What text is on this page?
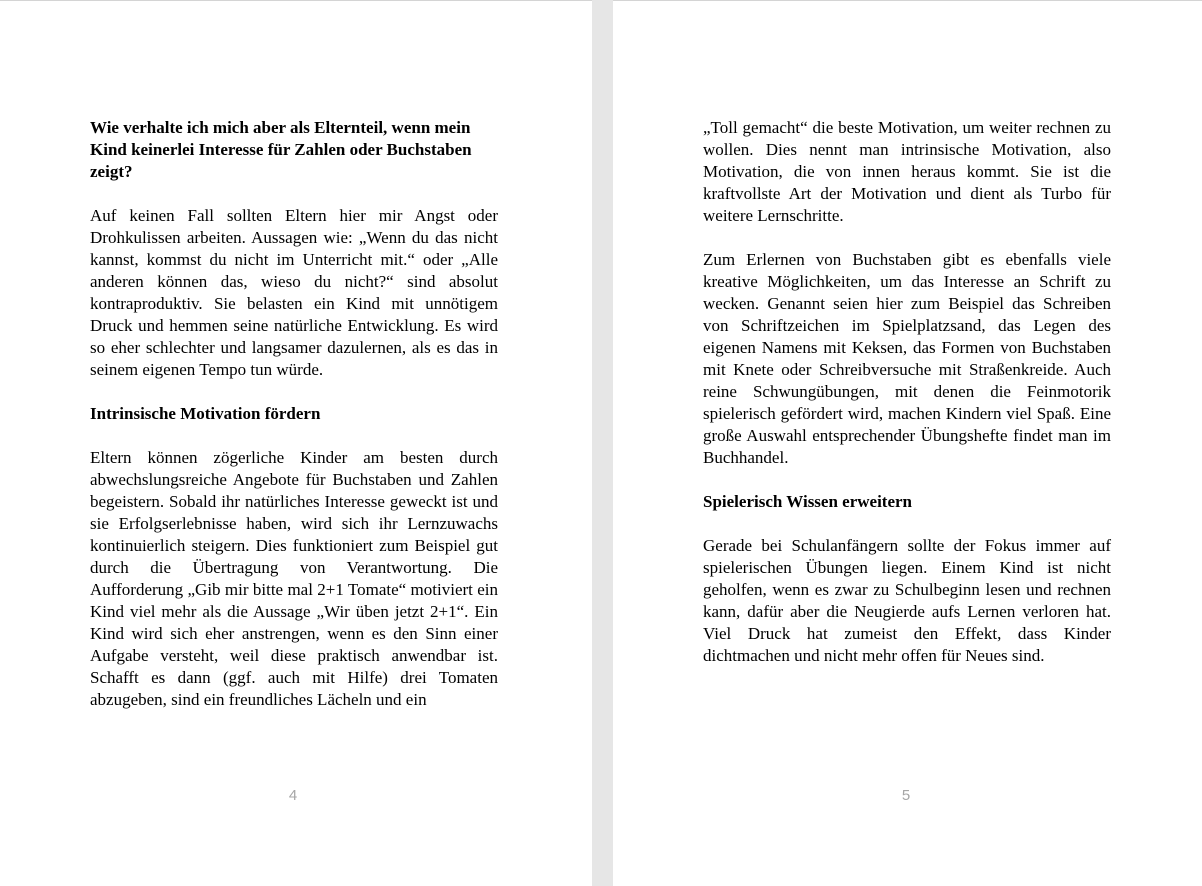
Wie verhalte ich mich aber als Elternteil, wenn mein Kind keinerlei Interesse für Zahlen oder Buchstaben zeigt?

Auf keinen Fall sollten Eltern hier mir Angst oder Drohkulissen arbeiten. Aussagen wie: „Wenn du das nicht kannst, kommst du nicht im Unterricht mit.“ oder „Alle anderen können das, wieso du nicht?“ sind absolut kontraproduktiv. Sie belasten ein Kind mit unnötigem Druck und hemmen seine natürliche Entwicklung. Es wird so eher schlechter und langsamer dazulernen, als es das in seinem eigenen Tempo tun würde.

Intrinsische Motivation fördern

Eltern können zögerliche Kinder am besten durch abwechslungsreiche Angebote für Buchstaben und Zahlen begeistern. Sobald ihr natürliches Interesse geweckt ist und sie Erfolgserlebnisse haben, wird sich ihr Lernzuwachs kontinuierlich steigern. Dies funktioniert zum Beispiel gut durch die Übertragung von Verantwortung. Die Aufforderung „Gib mir bitte mal 2+1 Tomate“ motiviert ein Kind viel mehr als die Aussage „Wir üben jetzt 2+1“. Ein Kind wird sich eher anstrengen, wenn es den Sinn einer Aufgabe versteht, weil diese praktisch anwendbar ist. Schafft es dann (ggf. auch mit Hilfe) drei Tomaten abzugeben, sind ein freundliches Lächeln und ein

4

„Toll gemacht“ die beste Motivation, um weiter rechnen zu wollen. Dies nennt man intrinsische Motivation, also Motivation, die von innen heraus kommt. Sie ist die kraftvollste Art der Motivation und dient als Turbo für weitere Lernschritte.

Zum Erlernen von Buchstaben gibt es ebenfalls viele kreative Möglichkeiten, um das Interesse an Schrift zu wecken. Genannt seien hier zum Beispiel das Schreiben von Schriftzeichen im Spielplatzsand, das Legen des eigenen Namens mit Keksen, das Formen von Buchstaben mit Knete oder Schreibversuche mit Straßenkreide. Auch reine Schwungübungen, mit denen die Feinmotorik spielerisch gefördert wird, machen Kindern viel Spaß. Eine große Auswahl entsprechender Übungshefte findet man im Buchhandel.

Spielerisch Wissen erweitern

Gerade bei Schulanfängern sollte der Fokus immer auf spielerischen Übungen liegen. Einem Kind ist nicht geholfen, wenn es zwar zu Schulbeginn lesen und rechnen kann, dafür aber die Neugierde aufs Lernen verloren hat. Viel Druck hat zumeist den Effekt, dass Kinder dichtmachen und nicht mehr offen für Neues sind.

5
